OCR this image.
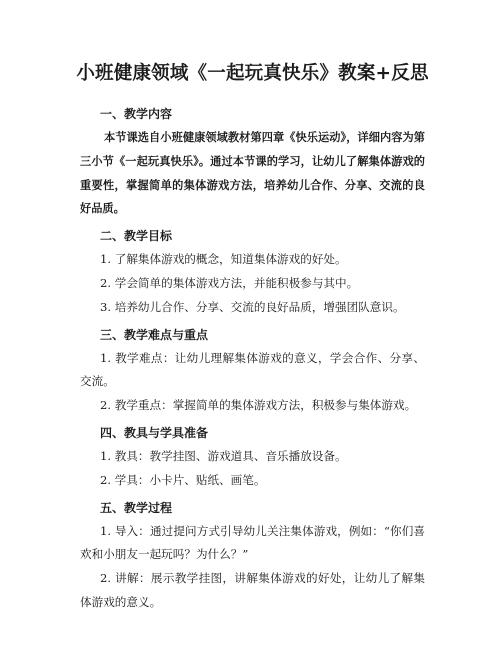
小班健康领域《一起玩真快乐》教案+反思
一、教学内容

本节课选自小班健康领域教材第四章《快乐运动》，详细内容为第三小节《一起玩真快乐》。通过本节课的学习，让幼儿了解集体游戏的重要性，掌握简单的集体游戏方法，培养幼儿合作、分享、交流的良好品质。

二、教学目标

1. 了解集体游戏的概念，知道集体游戏的好处。

2. 学会简单的集体游戏方法，并能积极参与其中。

3. 培养幼儿合作、分享、交流的良好品质，增强团队意识。

三、教学难点与重点

1. 教学难点：让幼儿理解集体游戏的意义，学会合作、分享、交流。

2. 教学重点：掌握简单的集体游戏方法，积极参与集体游戏。

四、教具与学具准备

1. 教具：教学挂图、游戏道具、音乐播放设备。

2. 学具：小卡片、贴纸、画笔。

五、教学过程

1. 导入：通过提问方式引导幼儿关注集体游戏，例如：“你们喜欢和小朋友一起玩吗？为什么？”

2. 讲解：展示教学挂图，讲解集体游戏的好处，让幼儿了解集体游戏的意义。
